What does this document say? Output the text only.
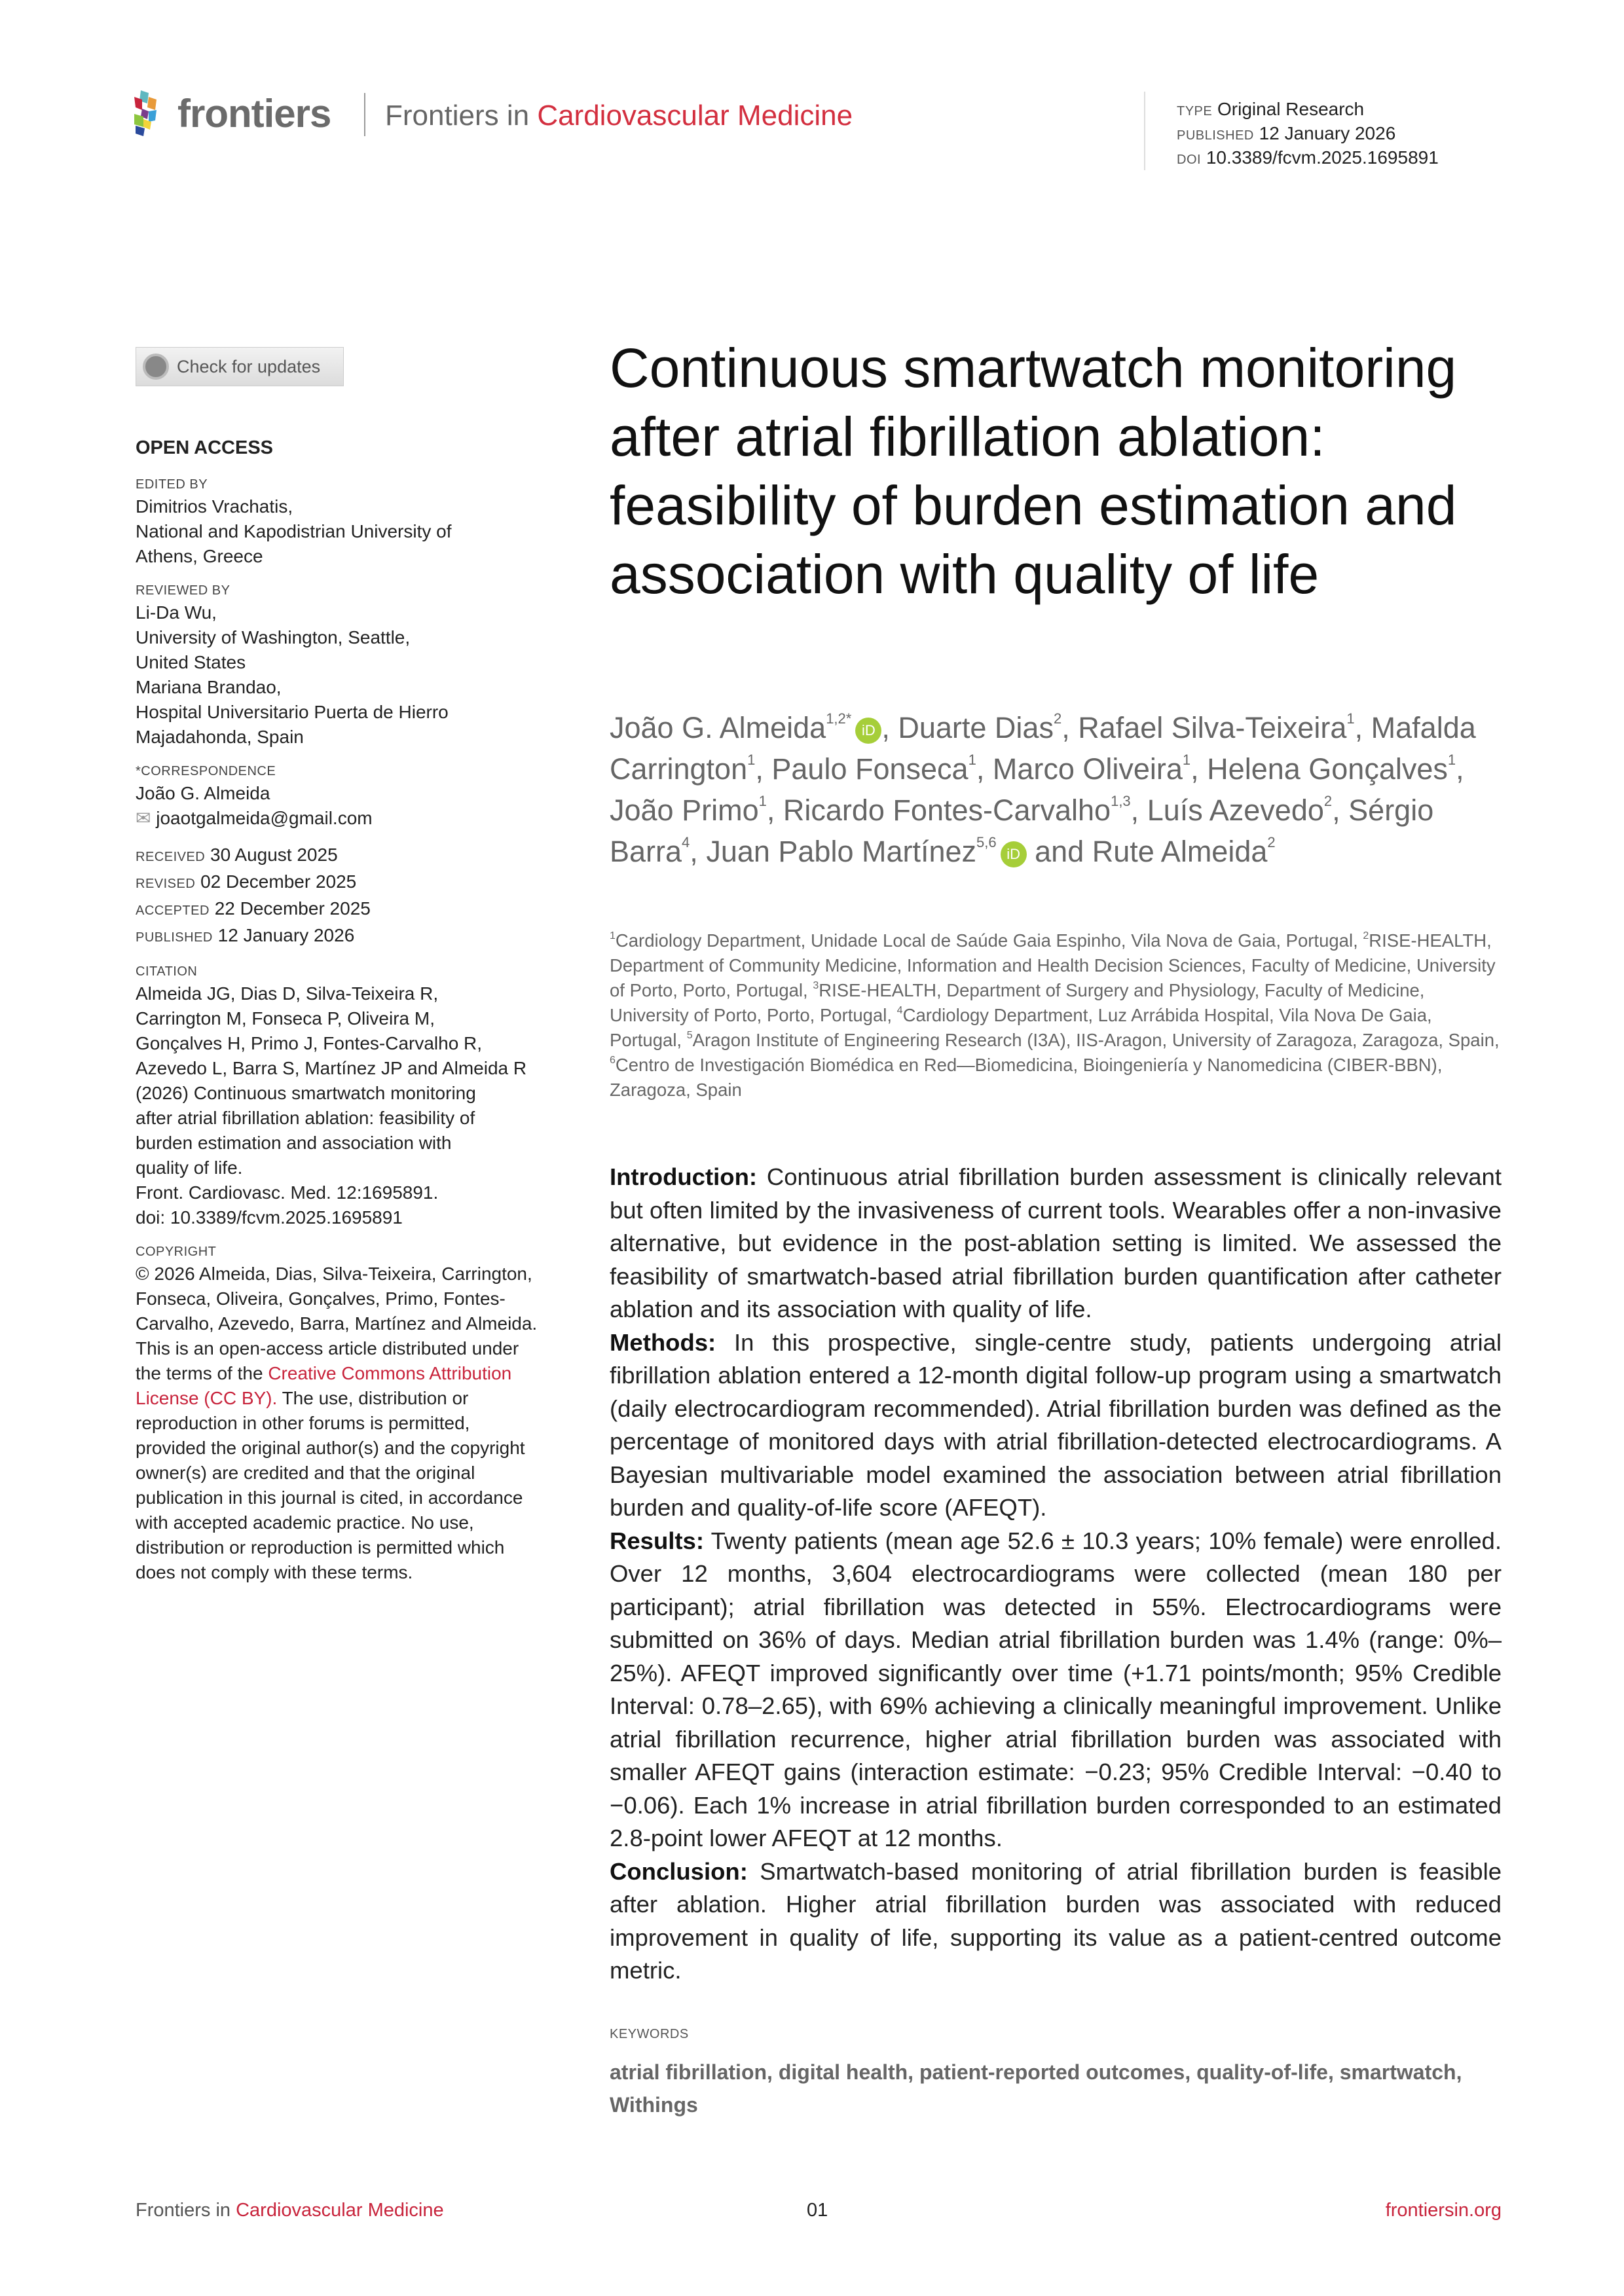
frontiers Frontiers in Cardiovascular Medicine	TYPE Original Research
PUBLISHED 12 January 2026
DOI 10.3389/fcvm.2025.1695891
Check for updates
OPEN ACCESS
EDITED BY
Dimitrios Vrachatis,
National and Kapodistrian University of
Athens, Greece
REVIEWED BY
Li-Da Wu,
University of Washington, Seattle,
United States
Mariana Brandao,
Hospital Universitario Puerta de Hierro
Majadahonda, Spain
*CORRESPONDENCE
João G. Almeida
✉ joaotgalmeida@gmail.com
RECEIVED 30 August 2025
REVISED 02 December 2025
ACCEPTED 22 December 2025
PUBLISHED 12 January 2026
CITATION
Almeida JG, Dias D, Silva-Teixeira R,
Carrington M, Fonseca P, Oliveira M,
Gonçalves H, Primo J, Fontes-Carvalho R,
Azevedo L, Barra S, Martínez JP and Almeida R
(2026) Continuous smartwatch monitoring
after atrial fibrillation ablation: feasibility of
burden estimation and association with
quality of life.
Front. Cardiovasc. Med. 12:1695891.
doi: 10.3389/fcvm.2025.1695891
COPYRIGHT
© 2026 Almeida, Dias, Silva-Teixeira, Carrington, Fonseca, Oliveira, Gonçalves, Primo, Fontes-Carvalho, Azevedo, Barra, Martínez and Almeida. This is an open-access article distributed under the terms of the Creative Commons Attribution License (CC BY). The use, distribution or reproduction in other forums is permitted, provided the original author(s) and the copyright owner(s) are credited and that the original publication in this journal is cited, in accordance with accepted academic practice. No use, distribution or reproduction is permitted which does not comply with these terms.
Continuous smartwatch monitoring after atrial fibrillation ablation: feasibility of burden estimation and association with quality of life
João G. Almeida$^{1,2*}$iD , Duarte Dias$^2$, Rafael Silva-Teixeira$^1$, Mafalda Carrington$^1$, Paulo Fonseca$^1$, Marco Oliveira$^1$, Helena Gonçalves$^1$, João Primo$^1$, Ricardo Fontes-Carvalho$^{1,3}$, Luís Azevedo$^2$, Sérgio Barra$^4$, Juan Pablo Martínez$^{5,6}$iD and Rute Almeida$^2$
$^1$Cardiology Department, Unidade Local de Saúde Gaia Espinho, Vila Nova de Gaia, Portugal, $^2$RISE-HEALTH, Department of Community Medicine, Information and Health Decision Sciences, Faculty of Medicine, University of Porto, Porto, Portugal, $^3$RISE-HEALTH, Department of Surgery and Physiology, Faculty of Medicine, University of Porto, Porto, Portugal, $^4$Cardiology Department, Luz Arrábida Hospital, Vila Nova De Gaia, Portugal, $^5$Aragon Institute of Engineering Research (I3A), IIS-Aragon, University of Zaragoza, Zaragoza, Spain, $^6$Centro de Investigación Biomédica en Red—Biomedicina, Bioingeniería y Nanomedicina (CIBER-BBN), Zaragoza, Spain
Introduction: Continuous atrial fibrillation burden assessment is clinically relevant but often limited by the invasiveness of current tools. Wearables offer a non-invasive alternative, but evidence in the post-ablation setting is limited. We assessed the feasibility of smartwatch-based atrial fibrillation burden quantification after catheter ablation and its association with quality of life.
Methods: In this prospective, single-centre study, patients undergoing atrial fibrillation ablation entered a 12-month digital follow-up program using a smartwatch (daily electrocardiogram recommended). Atrial fibrillation burden was defined as the percentage of monitored days with atrial fibrillation-detected electrocardiograms. A Bayesian multivariable model examined the association between atrial fibrillation burden and quality-of-life score (AFEQT).
Results: Twenty patients (mean age 52.6 ± 10.3 years; 10% female) were enrolled. Over 12 months, 3,604 electrocardiograms were collected (mean 180 per participant); atrial fibrillation was detected in 55%. Electrocardiograms were submitted on 36% of days. Median atrial fibrillation burden was 1.4% (range: 0%–25%). AFEQT improved significantly over time (+1.71 points/month; 95% Credible Interval: 0.78–2.65), with 69% achieving a clinically meaningful improvement. Unlike atrial fibrillation recurrence, higher atrial fibrillation burden was associated with smaller AFEQT gains (interaction estimate: −0.23; 95% Credible Interval: −0.40 to −0.06). Each 1% increase in atrial fibrillation burden corresponded to an estimated 2.8-point lower AFEQT at 12 months.
Conclusion: Smartwatch-based monitoring of atrial fibrillation burden is feasible after ablation. Higher atrial fibrillation burden was associated with reduced improvement in quality of life, supporting its value as a patient-centred outcome metric.
KEYWORDS
atrial fibrillation, digital health, patient-reported outcomes, quality-of-life, smartwatch, Withings
Frontiers in Cardiovascular Medicine	01	frontiersin.org
